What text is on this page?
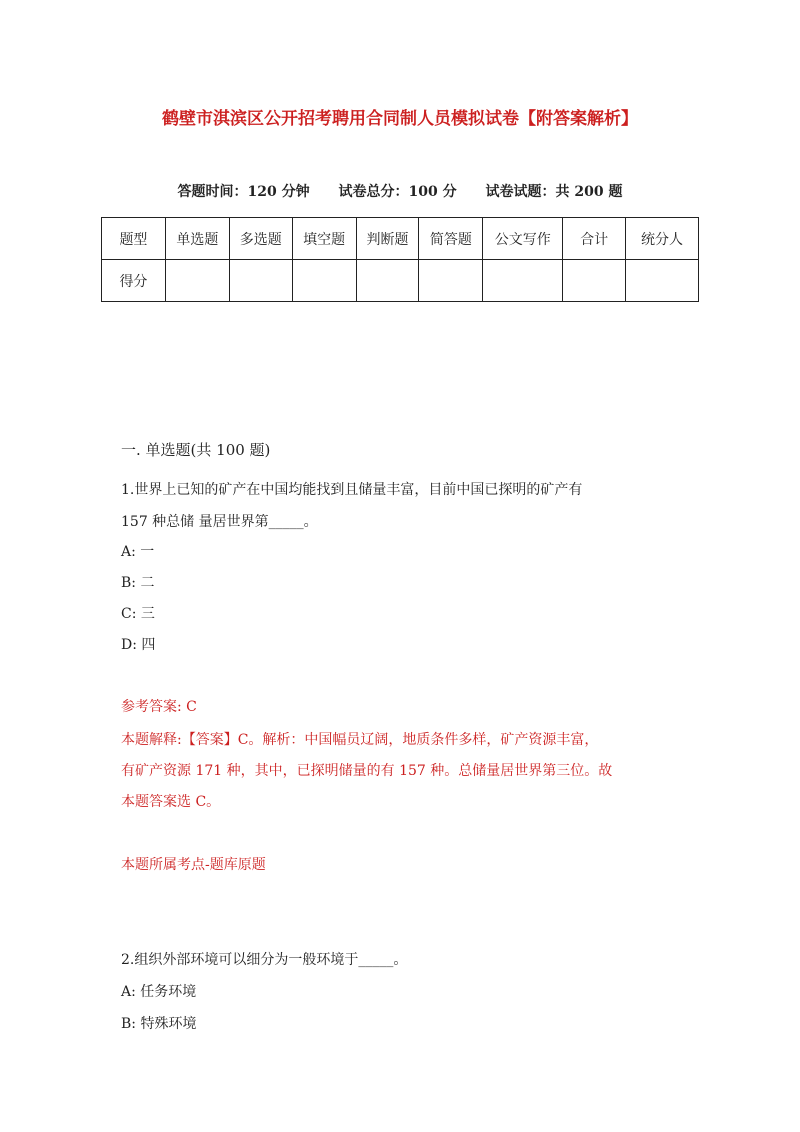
鹤壁市淇滨区公开招考聘用合同制人员模拟试卷【附答案解析】
答题时间：120 分钟 试卷总分：100 分 试卷试题：共 200 题
题型	单选题	多选题	填空题	判断题	简答题	公文写作	合计	统分人
得分								
一. 单选题(共 100 题)
1.世界上已知的矿产在中国均能找到且储量丰富，目前中国已探明的矿产有
157 种总储 量居世界第_____。
A: 一
B: 二
C: 三
D: 四
参考答案: C
本题解释:【答案】C。解析：中国幅员辽阔，地质条件多样，矿产资源丰富，
有矿产资源 171 种，其中，已探明储量的有 157 种。总储量居世界第三位。故
本题答案选 C。
本题所属考点-题库原题
2.组织外部环境可以细分为一般环境于_____。
A: 任务环境
B: 特殊环境
